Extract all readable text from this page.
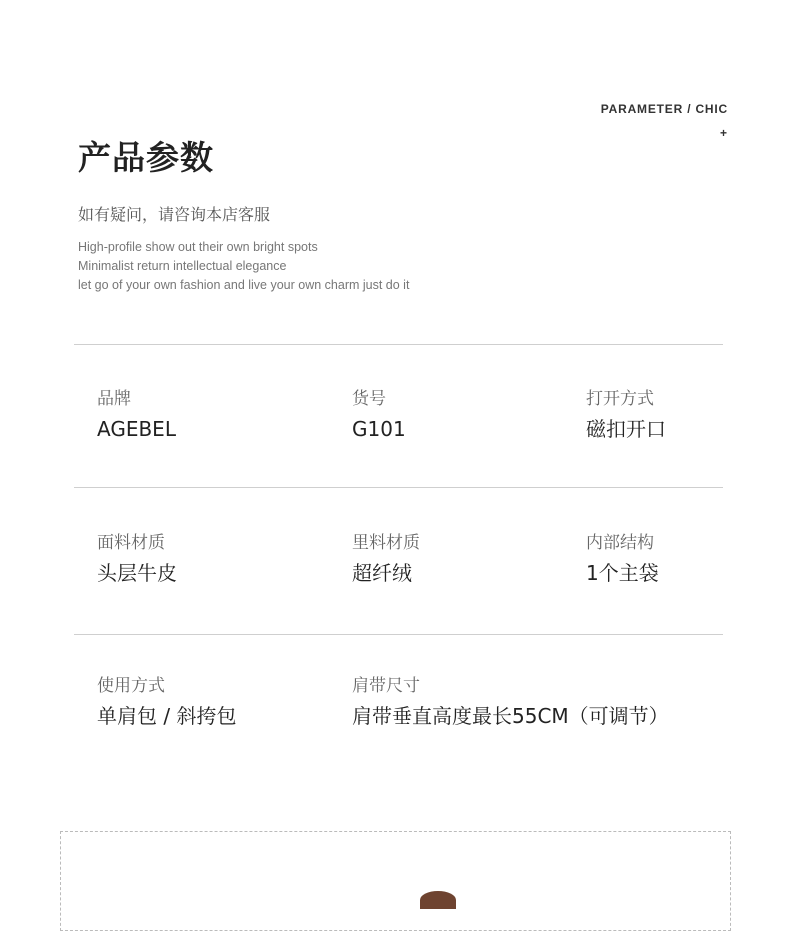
PARAMETER / CHIC
+
产品参数
如有疑问，请咨询本店客服
High-profile show out their own bright spots
Minimalist return intellectual elegance
let go of your own fashion and live your own charm just do it
品牌
AGEBEL
货号
G101
打开方式
磁扣开口
面料材质
头层牛皮
里料材质
超纤绒
内部结构
1个主袋
使用方式
单肩包 / 斜挎包
肩带尺寸
肩带垂直高度最长55CM（可调节）
